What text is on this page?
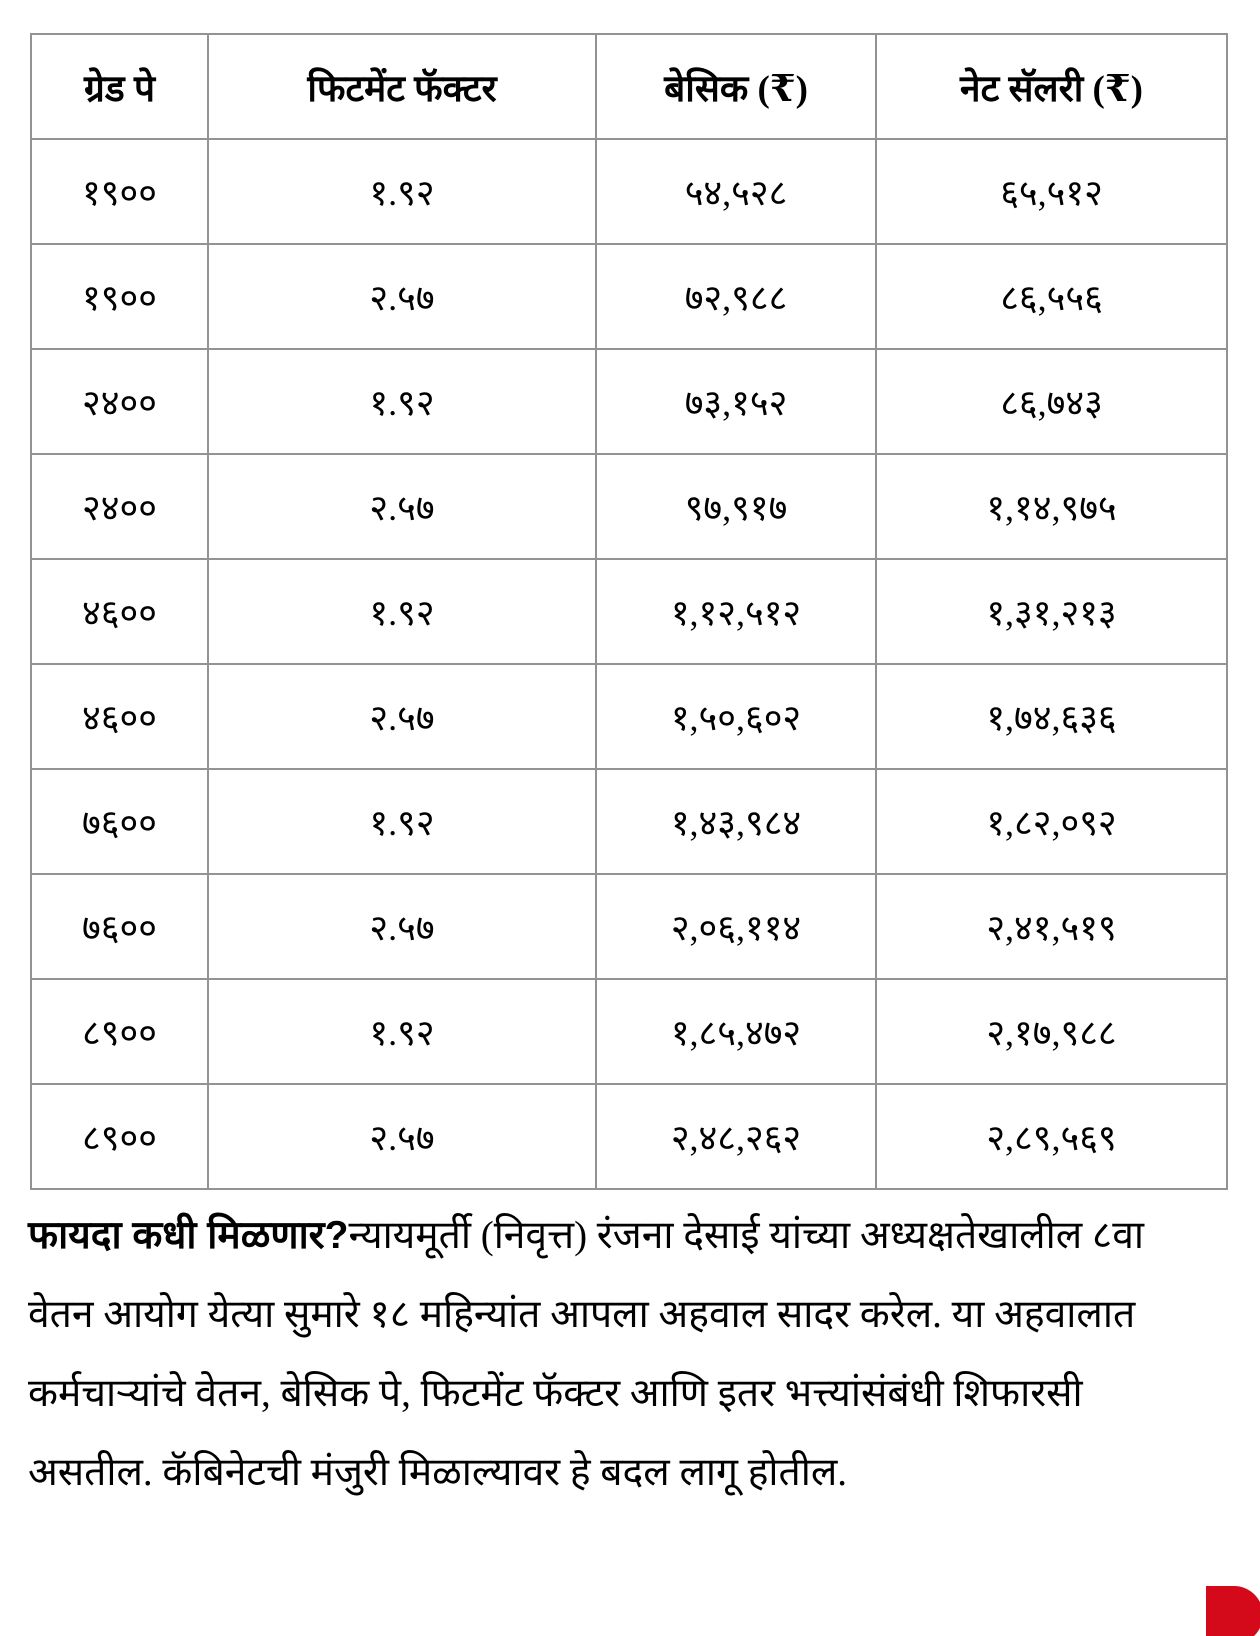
ग्रेड पे	फिटमेंट फॅक्टर	बेसिक (₹)	नेट सॅलरी (₹)
१९००	१.९२	५४,५२८	६५,५१२
१९००	२.५७	७२,९८८	८६,५५६
२४००	१.९२	७३,१५२	८६,७४३
२४००	२.५७	९७,९१७	१,१४,९७५
४६००	१.९२	१,१२,५१२	१,३१,२१३
४६००	२.५७	१,५०,६०२	१,७४,६३६
७६००	१.९२	१,४३,९८४	१,८२,०९२
७६००	२.५७	२,०६,११४	२,४१,५१९
८९००	१.९२	१,८५,४७२	२,१७,९८८
८९००	२.५७	२,४८,२६२	२,८९,५६९
फायदा कधी मिळणार?न्यायमूर्ती (निवृत्त) रंजना देसाई यांच्या अध्यक्षतेखालील ८वा वेतन आयोग येत्या सुमारे १८ महिन्यांत आपला अहवाल सादर करेल. या अहवालात कर्मचाऱ्यांचे वेतन, बेसिक पे, फिटमेंट फॅक्टर आणि इतर भत्त्यांसंबंधी शिफारसी असतील. कॅबिनेटची मंजुरी मिळाल्यावर हे बदल लागू होतील.
